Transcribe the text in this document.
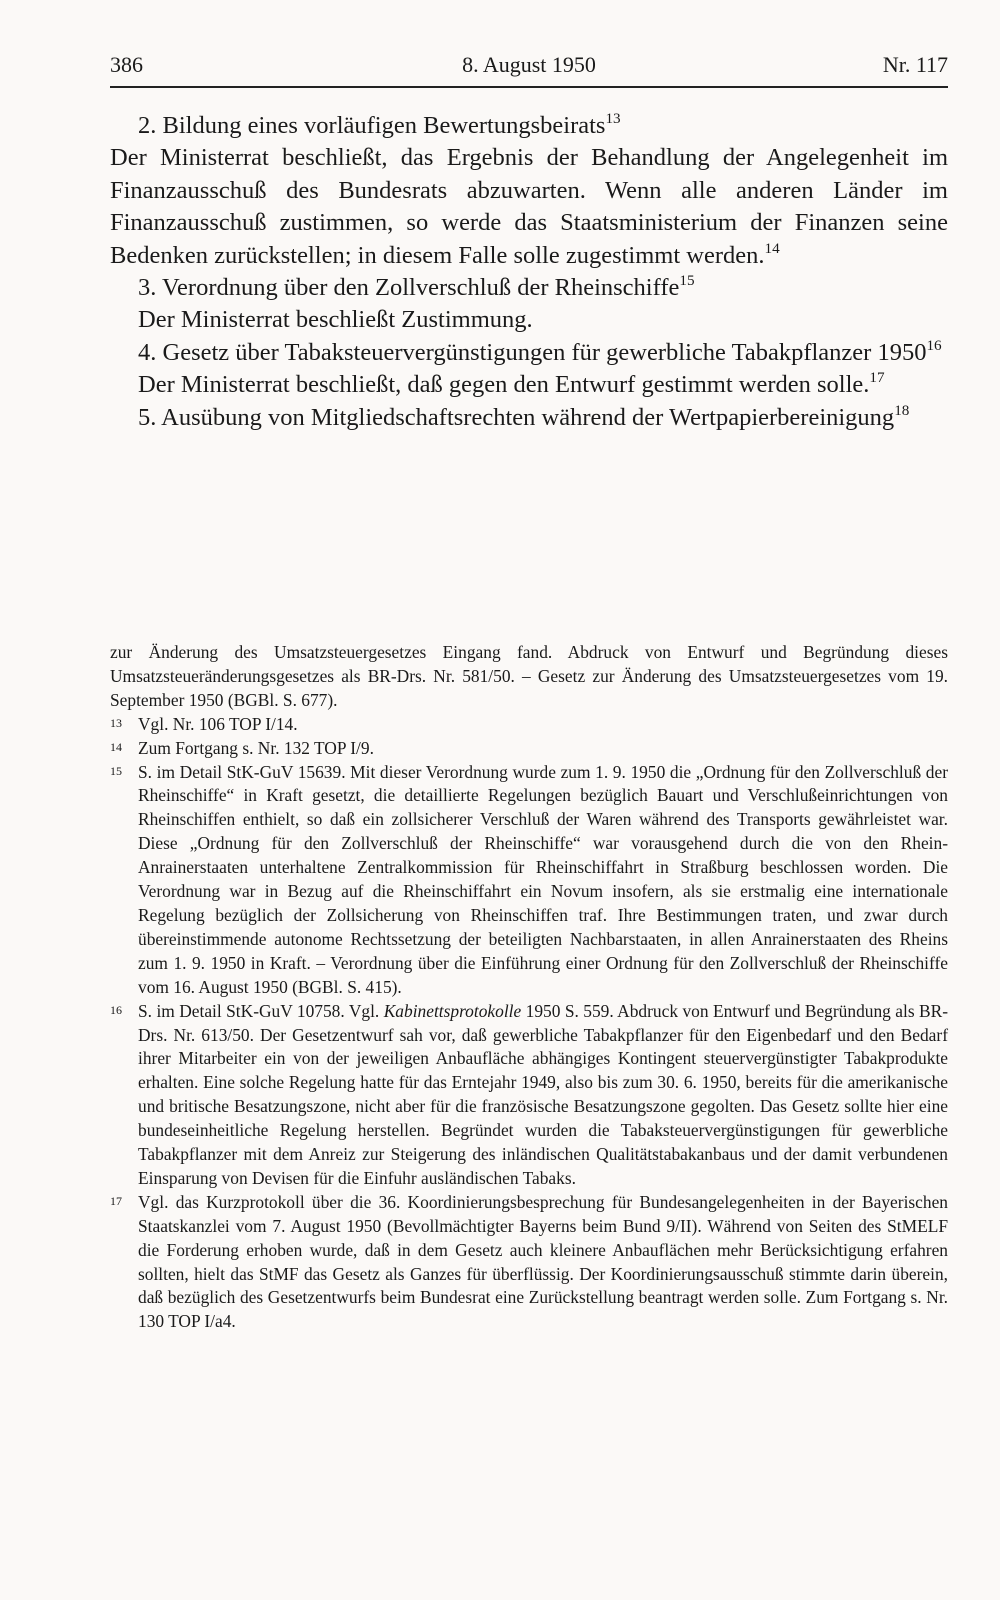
386	8. August 1950	Nr. 117

2. Bildung eines vorläufigen Bewertungsbeirats$^{13}$

Der Ministerrat beschließt, das Ergebnis der Behandlung der Angelegenheit im Finanzausschuß des Bundesrats abzuwarten. Wenn alle anderen Länder im Finanzausschuß zustimmen, so werde das Staatsministerium der Finanzen seine Bedenken zurückstellen; in diesem Falle solle zugestimmt werden.$^{14}$

3. Verordnung über den Zollverschluß der Rheinschiffe$^{15}$

Der Ministerrat beschließt Zustimmung.

4. Gesetz über Tabaksteuervergünstigungen für gewerbliche Tabakpflanzer 1950$^{16}$

Der Ministerrat beschließt, daß gegen den Entwurf gestimmt werden solle.$^{17}$

5. Ausübung von Mitgliedschaftsrechten während der Wertpapierbereinigung$^{18}$

zur Änderung des Umsatzsteuergesetzes Eingang fand. Abdruck von Entwurf und Begründung dieses Umsatzsteueränderungsgesetzes als BR-Drs. Nr. 581/50. – Gesetz zur Änderung des Umsatzsteuergesetzes vom 19. September 1950 (BGBl. S. 677).

13 Vgl. Nr. 106 TOP I/14.
14 Zum Fortgang s. Nr. 132 TOP I/9.
15 S. im Detail StK-GuV 15639. Mit dieser Verordnung wurde zum 1. 9. 1950 die „Ordnung für den Zollverschluß der Rheinschiffe“ in Kraft gesetzt, die detaillierte Regelungen bezüglich Bauart und Verschlußeinrichtungen von Rheinschiffen enthielt, so daß ein zollsicherer Verschluß der Waren während des Transports gewährleistet war. Diese „Ordnung für den Zollverschluß der Rheinschiffe“ war vorausgehend durch die von den Rhein-Anrainerstaaten unterhaltene Zentralkommission für Rheinschiffahrt in Straßburg beschlossen worden. Die Verordnung war in Bezug auf die Rheinschiffahrt ein Novum insofern, als sie erstmalig eine internationale Regelung bezüglich der Zollsicherung von Rheinschiffen traf. Ihre Bestimmungen traten, und zwar durch übereinstimmende autonome Rechtssetzung der beteiligten Nachbarstaaten, in allen Anrainerstaaten des Rheins zum 1. 9. 1950 in Kraft. – Verordnung über die Einführung einer Ordnung für den Zollverschluß der Rheinschiffe vom 16. August 1950 (BGBl. S. 415).
16 S. im Detail StK-GuV 10758. Vgl. Kabinettsprotokolle 1950 S. 559. Abdruck von Entwurf und Begründung als BR-Drs. Nr. 613/50. Der Gesetzentwurf sah vor, daß gewerbliche Tabakpflanzer für den Eigenbedarf und den Bedarf ihrer Mitarbeiter ein von der jeweiligen Anbaufläche abhängiges Kontingent steuervergünstigter Tabakprodukte erhalten. Eine solche Regelung hatte für das Erntejahr 1949, also bis zum 30. 6. 1950, bereits für die amerikanische und britische Besatzungszone, nicht aber für die französische Besatzungszone gegolten. Das Gesetz sollte hier eine bundeseinheitliche Regelung herstellen. Begründet wurden die Tabaksteuervergünstigungen für gewerbliche Tabakpflanzer mit dem Anreiz zur Steigerung des inländischen Qualitätstabakanbaus und der damit verbundenen Einsparung von Devisen für die Einfuhr ausländischen Tabaks.
17 Vgl. das Kurzprotokoll über die 36. Koordinierungsbesprechung für Bundesangelegenheiten in der Bayerischen Staatskanzlei vom 7. August 1950 (Bevollmächtigter Bayerns beim Bund 9/II). Während von Seiten des StMELF die Forderung erhoben wurde, daß in dem Gesetz auch kleinere Anbauflächen mehr Berücksichtigung erfahren sollten, hielt das StMF das Gesetz als Ganzes für überflüssig. Der Koordinierungsausschuß stimmte darin überein, daß bezüglich des Gesetzentwurfs beim Bundesrat eine Zurückstellung beantragt werden solle. Zum Fortgang s. Nr. 130 TOP I/a4.
